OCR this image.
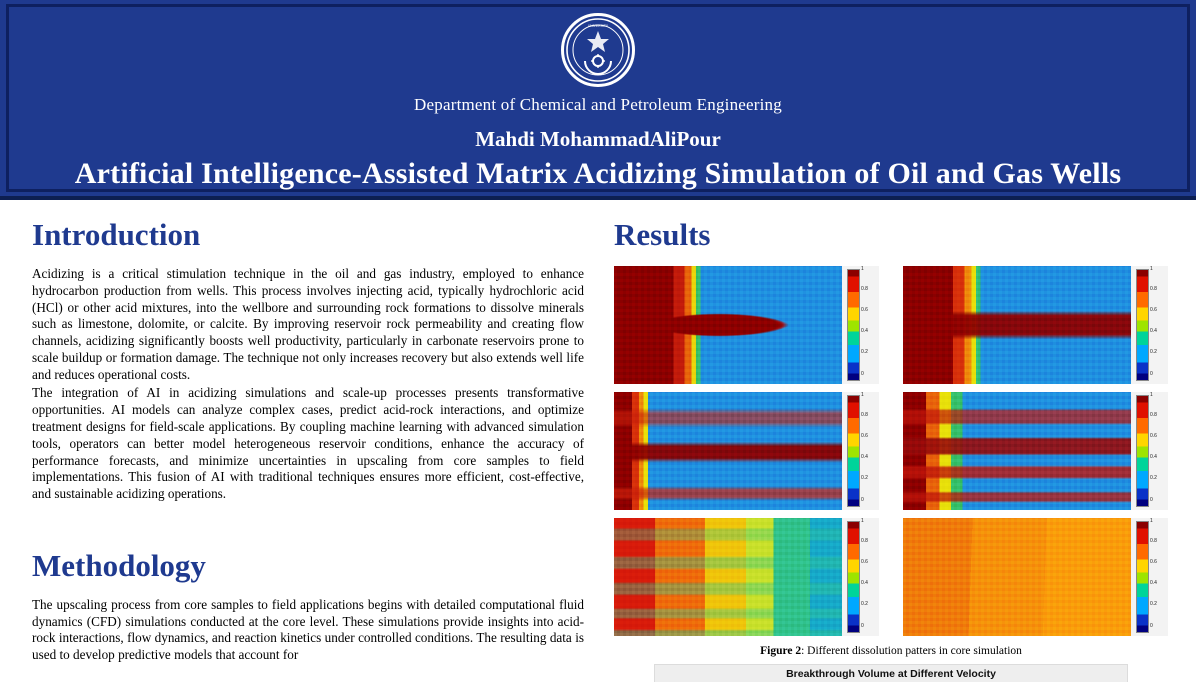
UNIVERSITY
Department of Chemical and Petroleum Engineering
Mahdi MohammadAliPour
Artificial Intelligence-Assisted Matrix Acidizing Simulation of Oil and Gas Wells
Introduction

Acidizing is a critical stimulation technique in the oil and gas industry, employed to enhance hydrocarbon production from wells. This process involves injecting acid, typically hydrochloric acid (HCl) or other acid mixtures, into the wellbore and surrounding rock formations to dissolve minerals such as limestone, dolomite, or calcite. By improving reservoir rock permeability and creating flow channels, acidizing significantly boosts well productivity, particularly in carbonate reservoirs prone to scale buildup or formation damage. The technique not only increases recovery but also extends well life and reduces operational costs.

The integration of AI in acidizing simulations and scale-up processes presents transformative opportunities. AI models can analyze complex cases, predict acid-rock interactions, and optimize treatment designs for field-scale applications. By coupling machine learning with advanced simulation tools, operators can better model heterogeneous reservoir conditions, enhance the accuracy of performance forecasts, and minimize uncertainties in upscaling from core samples to field implementations. This fusion of AI with traditional techniques ensures more efficient, cost-effective, and sustainable acidizing operations.

Methodology

The upscaling process from core samples to field applications begins with detailed computational fluid dynamics (CFD) simulations conducted at the core level. These simulations provide insights into acid-rock interactions, flow dynamics, and reaction kinetics under controlled conditions. The resulting data is used to develop predictive models that account for

Results
1
0.8
0.6
0.4
0.2
0
1
0.8
0.6
0.4
0.2
0
1
0.8
0.6
0.4
0.2
0
1
0.8
0.6
0.4
0.2
0
1
0.8
0.6
0.4
0.2
0
1
0.8
0.6
0.4
0.2
0
Figure 2: Different dissolution patters in core simulation
Breakthrough Volume at Different Velocity
